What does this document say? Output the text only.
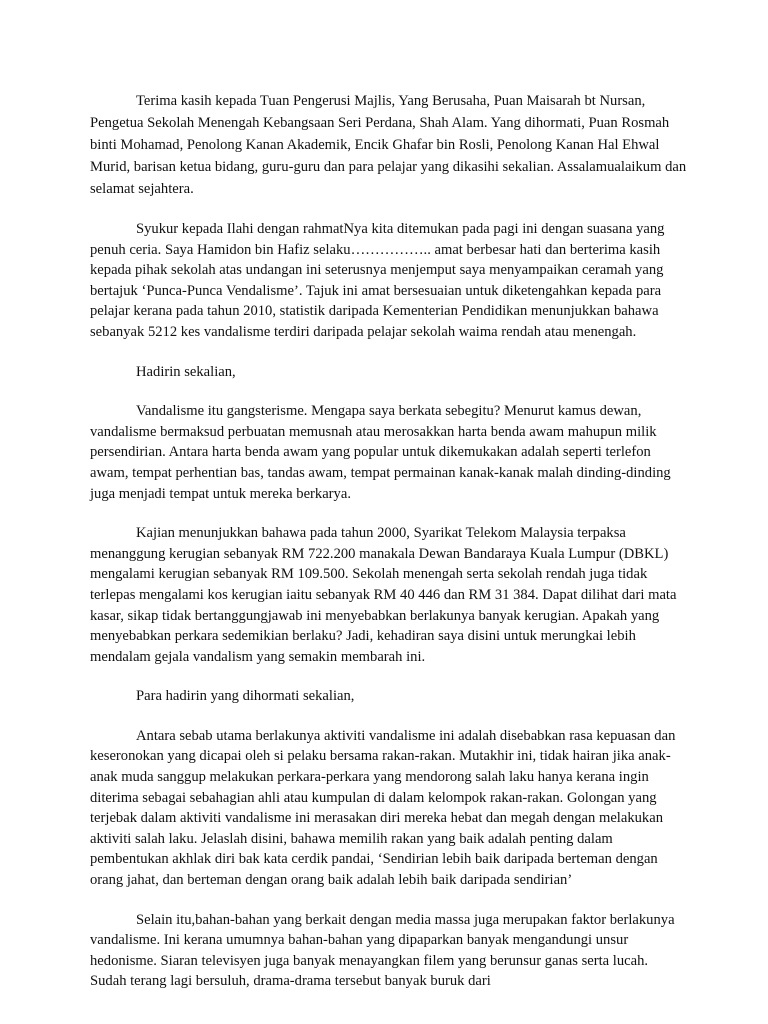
Terima kasih kepada Tuan Pengerusi Majlis, Yang Berusaha, Puan Maisarah bt Nursan, Pengetua Sekolah Menengah Kebangsaan Seri Perdana, Shah Alam. Yang dihormati, Puan Rosmah binti Mohamad, Penolong Kanan Akademik, Encik Ghafar bin Rosli, Penolong Kanan Hal Ehwal Murid, barisan ketua bidang, guru-guru dan para pelajar yang dikasihi sekalian. Assalamualaikum dan selamat sejahtera.

Syukur kepada Ilahi dengan rahmatNya kita ditemukan pada pagi ini dengan suasana yang penuh ceria. Saya Hamidon bin Hafiz selaku…………….. amat berbesar hati dan berterima kasih kepada pihak sekolah atas undangan ini seterusnya menjemput saya menyampaikan ceramah yang bertajuk ‘Punca-Punca Vendalisme’. Tajuk ini amat bersesuaian untuk diketengahkan kepada para pelajar kerana pada tahun 2010, statistik daripada Kementerian Pendidikan menunjukkan bahawa sebanyak 5212 kes vandalisme terdiri daripada pelajar sekolah waima rendah atau menengah.

Hadirin sekalian,

Vandalisme itu gangsterisme. Mengapa saya berkata sebegitu? Menurut kamus dewan, vandalisme bermaksud perbuatan memusnah atau merosakkan harta benda awam mahupun milik persendirian. Antara harta benda awam yang popular untuk dikemukakan adalah seperti terlefon awam, tempat perhentian bas, tandas awam, tempat permainan kanak-kanak malah dinding-dinding juga menjadi tempat untuk mereka berkarya.

Kajian menunjukkan bahawa pada tahun 2000, Syarikat Telekom Malaysia terpaksa menanggung kerugian sebanyak RM 722.200 manakala Dewan Bandaraya Kuala Lumpur (DBKL) mengalami kerugian sebanyak RM 109.500. Sekolah menengah serta sekolah rendah juga tidak terlepas mengalami kos kerugian iaitu sebanyak RM 40 446 dan RM 31 384. Dapat dilihat dari mata kasar, sikap tidak bertanggungjawab ini menyebabkan berlakunya banyak kerugian. Apakah yang menyebabkan perkara sedemikian berlaku? Jadi, kehadiran saya disini untuk merungkai lebih mendalam gejala vandalism yang semakin membarah ini.

Para hadirin yang dihormati sekalian,

Antara sebab utama berlakunya aktiviti vandalisme ini adalah disebabkan rasa kepuasan dan keseronokan yang dicapai oleh si pelaku bersama rakan-rakan. Mutakhir ini, tidak hairan jika anak-anak muda sanggup melakukan perkara-perkara yang mendorong salah laku hanya kerana ingin diterima sebagai sebahagian ahli atau kumpulan di dalam kelompok rakan-rakan. Golongan yang terjebak dalam aktiviti vandalisme ini merasakan diri mereka hebat dan megah dengan melakukan aktiviti salah laku. Jelaslah disini, bahawa memilih rakan yang baik adalah penting dalam pembentukan akhlak diri bak kata cerdik pandai, ‘Sendirian lebih baik daripada berteman dengan orang jahat, dan berteman dengan orang baik adalah lebih baik daripada sendirian’

Selain itu,bahan-bahan yang berkait dengan media massa juga merupakan faktor berlakunya vandalisme. Ini kerana umumnya bahan-bahan yang dipaparkan banyak mengandungi unsur hedonisme. Siaran televisyen juga banyak menayangkan filem yang berunsur ganas serta lucah. Sudah terang lagi bersuluh, drama-drama tersebut banyak buruk dari
